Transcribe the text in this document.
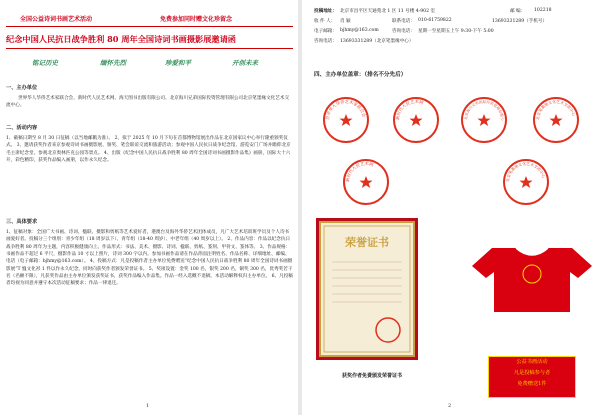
全国公益诗词书画艺术活动	免费参加同时赠文化珍留念
纪念中国人民抗日战争胜利 80 周年全国诗词书画摄影展邀请函
铭记历史	缅怀先烈	珍爱和平	开创未来
一、主办单位
世界华人华侨艺术家联合会、新时代人民艺术网、海天图书出版有限公司、北京海川兄弟国际投资管理有限公司北京笔墨缘文化艺术交流中心。
二、活动内容
1、截稿日期至 8 月 30 日征稿（以当地邮戳为准）。 2、拟于 2025 年 10 月下旬在首都博物馆展出作品在北京国家议中心举行隆重颁奖仪式。 3、邀请获奖作者来京参观诗词书画摄影展、颁奖、笔会联谊交流和旅游活动；参观中国人民抗日战争纪念馆、游览安门广场并瞻仰北京毛主席纪念堂、参观北京奥林匹克公园等景点。 4、出版《纪念中国人民抗日战争胜利 80 周年全国诗词书画摄影作品集》画册，国际大十六开，彩色精印，获奖作品编入画册，以作永久纪念。
三、具体要求
1、征稿对象：全国广大书画、诗词、楹联、摄影和剪纸等艺术爱好者，港澳台及海外华侨艺术团体成员，凡广大艺术培训班学员及个人诗书画爱好者。投稿分三个组别：青少年组（18 周岁以下）、青年组（18-40 周岁）、中老年组（40 周岁以上）。 2、作品内容：作品以纪念抗日战争胜利 80 周年为主题，内容积极健康向上。作品形式：书法、美术、摄影、诗词、楹联、剪纸、篆刻、甲骨文、篆体等。 3、作品规格：书画作品不超过 6 平尺，摄影作品 10 寸以上照片，诗词 300 字以内。参加书画作品请在作品背面注明姓名、作品名称、详细地址、邮编、电话（电子邮箱：bjhmy@163.com）。 4、投稿方式：凡是投稿作者主办单位免费赠送“纪念中国人民抗日战争胜利 80 周年全国诗词书画摄影展”T 恤文化衫 1 件以作永久纪念，同时向获奖作者颁发荣誉证书。 5、奖项设置：金奖 100 名，银奖 200 名，铜奖 300 名，优秀奖若干名（名额不限），凡获奖作品由主办单位颁发获奖证书，获奖作品编入作品集。作品一经入选概不退稿，本活动解释权归主办单位。 6、凡投稿者均视为同意并遵守本次活动征稿要求；作品一律退还。
1
投稿地址： 北京市昌平区天通苑北 1 区 11 号楼 4-902 室	邮 编： 102218
收 件 人： 肖 颖	联系电话： 010-61759822	13693331289（手机号）
电子邮箱： bjhmy@163.com	咨询电话： 星期一至星期五上午 9:30-下午 5:00
咨询电话： 13693331289（北京笔墨缘中心）
四、主办单位盖章：（排名不分先后）
世界华人华侨艺术家联合会
新时代人民艺术网
北京海川兄弟国际投资管理有限公	北京笔墨缘文化艺术交流中心
新时代人民艺术网
北京笔墨缘文化艺术交流中心
荣誉证书
获奖作者免费颁发荣誉证书
公益书画活动
凡是投稿参与者
免费赠送1件
2
